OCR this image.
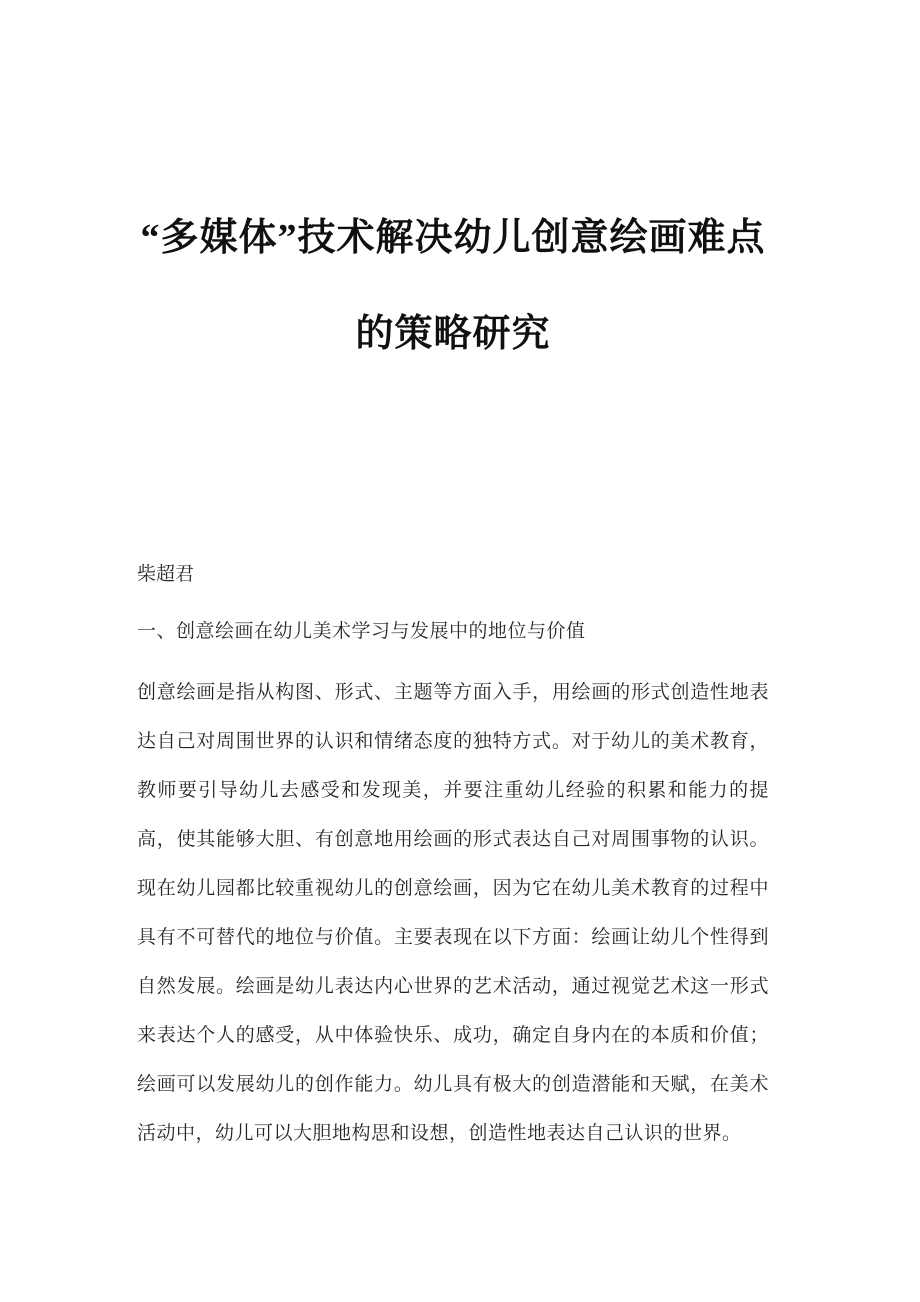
“多媒体”技术解决幼儿创意绘画难点
的策略研究
柴超君
一、创意绘画在幼儿美术学习与发展中的地位与价值
创意绘画是指从构图、形式、主题等方面入手，用绘画的形式创造性地表达自己对周围世界的认识和情绪态度的独特方式。对于幼儿的美术教育，教师要引导幼儿去感受和发现美，并要注重幼儿经验的积累和能力的提高，使其能够大胆、有创意地用绘画的形式表达自己对周围事物的认识。现在幼儿园都比较重视幼儿的创意绘画，因为它在幼儿美术教育的过程中具有不可替代的地位与价值。主要表现在以下方面：绘画让幼儿个性得到自然发展。绘画是幼儿表达内心世界的艺术活动，通过视觉艺术这一形式来表达个人的感受，从中体验快乐、成功，确定自身内在的本质和价值；绘画可以发展幼儿的创作能力。幼儿具有极大的创造潜能和天赋，在美术活动中，幼儿可以大胆地构思和设想，创造性地表达自己认识的世界。
